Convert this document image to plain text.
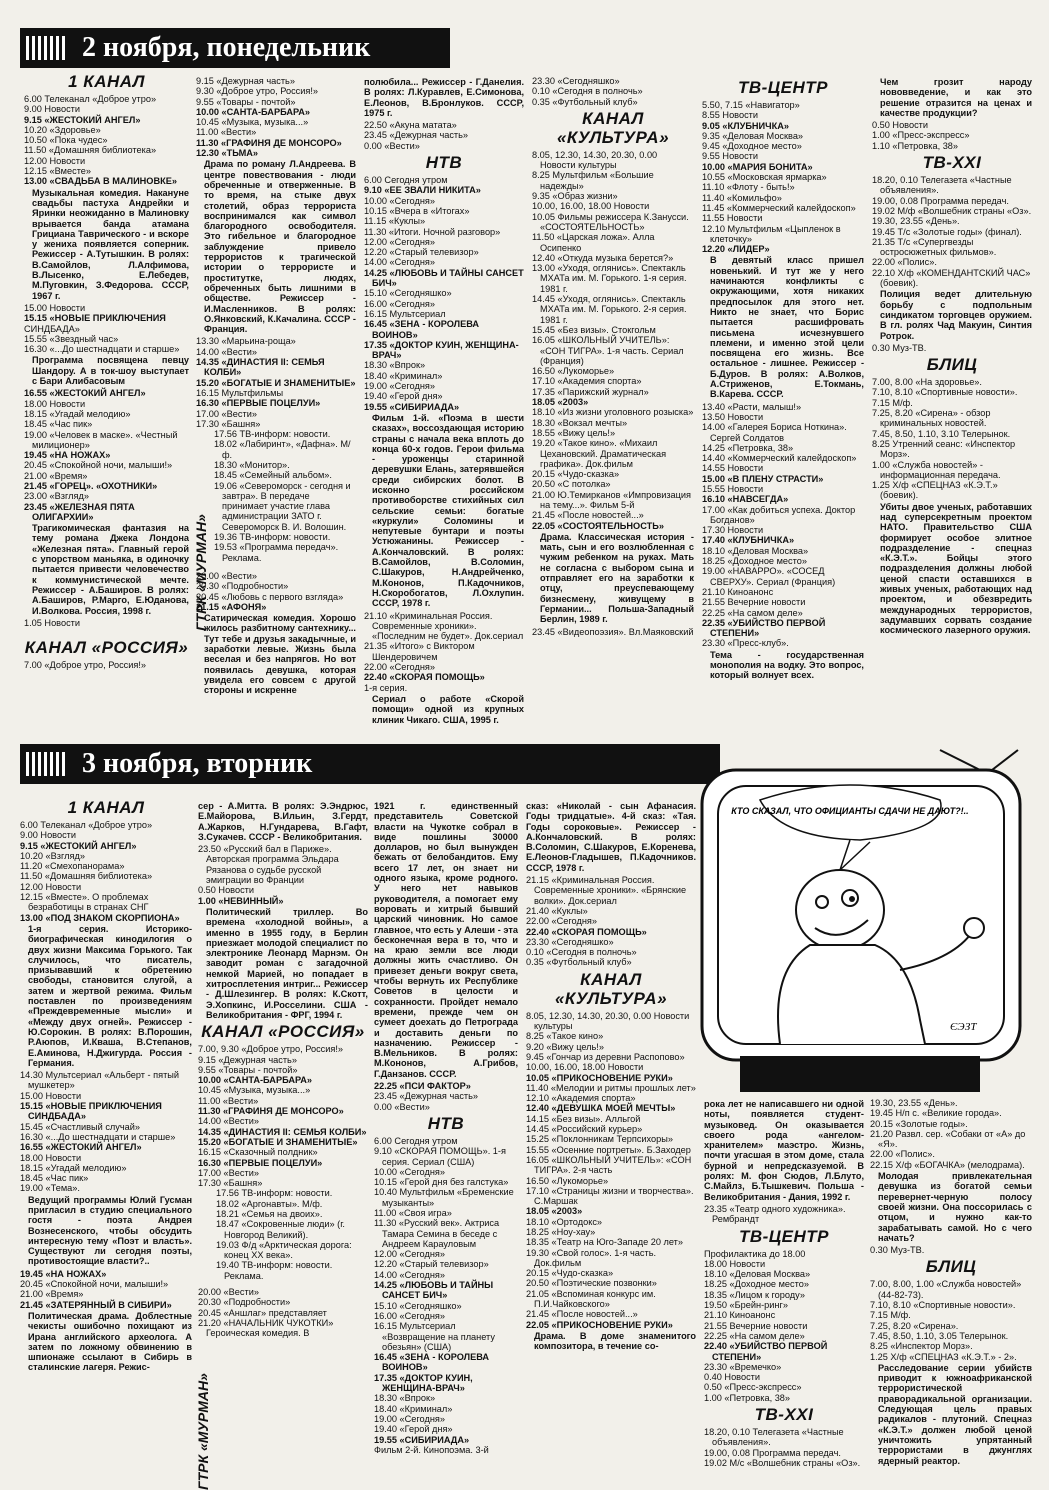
2 ноября, понедельник
1 КАНАЛ
6.00 Телеканал «Доброе утро»
9.00 Новости
9.15 «ЖЕСТОКИЙ АНГЕЛ»
10.20 «Здоровье»
10.50 «Пока чудес»
11.50 «Домашняя библиотека»
12.00 Новости
12.15 «Вместе»
13.00 «СВАДЬБА В МАЛИНОВКЕ»
Музыкальная комедия. Накануне свадьбы пастуха Андрейки и Яринки неожиданно в Малиновку врывается банда атамана Грициана Таврического - и вскоре у жениха появляется соперник. Режиссер - А.Тутышкин. В ролях: В.Самойлов, Л.Алфимова, В.Лысенко, Е.Лебедев, М.Пуговкин, З.Федорова. СССР, 1967 г.
15.00 Новости
15.15 «НОВЫЕ ПРИКЛЮЧЕНИЯ
СИНДБАДА»
15.55 «Звездный час»
16.30 «...До шестнадцати и старше»
Программа посвящена певцу Шандору. А в ток-шоу выступает с Бари Алибасовым
16.55 «ЖЕСТОКИЙ АНГЕЛ»
18.00 Новости
18.15 «Угадай мелодию»
18.45 «Час пик»
19.00 «Человек в маске». «Честный милиционер»
19.45 «НА НОЖАХ»
20.45 «Спокойной ночи, малыши!»
21.00 «Время»
21.45 «ГОРЕЦ». «ОХОТНИКИ»
23.00 «Взгляд»
23.45 «ЖЕЛЕЗНАЯ ПЯТА ОЛИГАРХИИ»
Трагикомическая фантазия на тему романа Джека Лондона «Железная пята». Главный герой с упорством маньяка, в одиночку пытается привести человечество к коммунистической мечте. Режиссер - А.Баширов. В ролях: А.Баширов, Р.Марго, Е.Юданова, И.Волкова. Россия, 1998 г.
1.05 Новости
КАНАЛ «РОССИЯ»
7.00 «Доброе утро, Россия!»
9.15 «Дежурная часть»
9.30 «Доброе утро, Россия!»
9.55 «Товары - почтой»
10.00 «САНТА-БАРБАРА»
10.45 «Музыка, музыка...»
11.00 «Вести»
11.30 «ГРАФИНЯ ДЕ МОНСОРО»
12.30 «ТЬМА»
Драма по роману Л.Андреева. В центре повествования - люди обреченные и отверженные. В то время, на стыке двух столетий, образ террориста воспринимался как символ благородного освободителя. Это гибельное и благородное заблуждение привело террористов к трагической истории о террористе и проститутке, людях, обреченных быть лишними в обществе. Режиссер - И.Масленников. В ролях: О.Янковский, К.Качалина. СССР - Франция.
13.30 «Марьина-роща»
14.00 «Вести»
14.35 «ДИНАСТИЯ II: СЕМЬЯ КОЛБИ»
15.20 «БОГАТЫЕ И ЗНАМЕНИТЫЕ»
16.15 Мультфильмы
16.30 «ПЕРВЫЕ ПОЦЕЛУИ»
17.00 «Вести»
17.30 «Башня»
ГТРК «МУРМАН»
17.56 ТВ-информ: новости.
18.02 «Лабиринт», «Дафна». М/ф.
18.30 «Монитор».
18.45 «Семейный альбом».
19.06 «Североморск - сегодня и завтра». В передаче принимает участие глава администрации ЗАТО г. Североморск В. И. Волошин.
19.36 ТВ-информ: новости.
19.53 «Программа передач». Реклама.
20.00 «Вести»
20.30 «Подробности»
20.45 «Любовь с первого взгляда»
21.15 «АФОНЯ»
Сатирическая комедия. Хорошо жилось разбитному сантехнику... Тут тебе и друзья закадычные, и заработки левые. Жизнь была веселая и без напрягов. Но вот появилась девушка, которая увидела его совсем с другой стороны и искренне
полюбила... Режиссер - Г.Данелия. В ролях: Л.Куравлев, Е.Симонова, Е.Леонов, В.Бронлуков. СССР, 1975 г.
22.50 «Акуна матата»
23.45 «Дежурная часть»
0.00 «Вести»
НТВ
6.00 Сегодня утром
9.10 «ЕЕ ЗВАЛИ НИКИТА»
10.00 «Сегодня»
10.15 «Вчера в «Итогах»
11.15 «Куклы»
11.30 «Итоги. Ночной разговор»
12.00 «Сегодня»
12.20 «Старый телевизор»
14.00 «Сегодня»
14.25 «ЛЮБОВЬ И ТАЙНЫ САНСЕТ БИЧ»
15.10 «Сегодняшко»
16.00 «Сегодня»
16.15 Мультсериал
16.45 «ЗЕНА - КОРОЛЕВА ВОИНОВ»
17.35 «ДОКТОР КУИН, ЖЕНЩИНА-ВРАЧ»
18.30 «Впрок»
18.40 «Криминал»
19.00 «Сегодня»
19.40 «Герой дня»
19.55 «СИБИРИАДА»
Фильм 1-й. «Поэма в шести сказах», воссоздающая историю страны с начала века вплоть до конца 60-х годов. Герои фильма - уроженцы старинной деревушки Елань, затерявшейся среди сибирских болот. В исконно российском противоборстве стихийных сил сельские семьи: богатые «куркули» Соломины и непутевые бунтари и поэты Устюжанины. Режиссер - А.Кончаловский. В ролях: В.Самойлов, В.Соломин, С.Шакуров, Н.Андрейченко, М.Кононов, П.Кадочников, Н.Скоробогатов, Л.Охлупин. СССР, 1978 г.
21.10 «Криминальная Россия. Современные хроники». «Последним не будет». Док.сериал
21.35 «Итого» с Виктором Шендеровичем
22.00 «Сегодня»
22.40 «СКОРАЯ ПОМОЩЬ»
1-я серия.
Сериал о работе «Скорой помощи» одной из крупных клиник Чикаго. США, 1995 г.
23.30 «Сегодняшко»
0.10 «Сегодня в полночь»
0.35 «Футбольный клуб»
КАНАЛ «КУЛЬТУРА»
8.05, 12.30, 14.30, 20.30, 0.00 Новости культуры
8.25 Мультфильм «Большие надежды»
9.35 «Образ жизни»
10.00, 16.00, 18.00 Новости
10.05 Фильмы режиссера К.Занусси. «СОСТОЯТЕЛЬНОСТЬ»
11.50 «Царская ложа». Алла Осипенко
12.40 «Откуда музыка берется?»
13.00 «Уходя, оглянись». Спектакль МХАТа им. М. Горького. 1-я серия. 1981 г.
14.45 «Уходя, оглянись». Спектакль МХАТа им. М. Горького. 2-я серия. 1981 г.
15.45 «Без визы». Стокгольм
16.05 «ШКОЛЬНЫЙ УЧИТЕЛЬ»: «СОН ТИГРА». 1-я часть. Сериал (Франция)
16.50 «Лукоморье»
17.10 «Академия спорта»
17.35 «Парижский журнал»
18.05 «2003»
18.10 «Из жизни уголовного розыска»
18.30 «Вокзал мечты»
18.55 «Вижу цель!»
19.20 «Такое кино». «Михаил Цехановский. Драматическая графика». Док.фильм
20.15 «Чудо-сказка»
20.50 «С потолка»
21.00 Ю.Темирканов «Импровизация на тему...». Фильм 5-й
21.45 «После новостей...»
22.05 «СОСТОЯТЕЛЬНОСТЬ»
Драма. Классическая история - мать, сын и его возлюбленная с чужим ребенком на руках. Мать не согласна с выбором сына и отправляет его на заработки к отцу, преуспевающему бизнесмену, живущему в Германии... Польша-Западный Берлин, 1989 г.
23.45 «Видеопоэзия». Вл.Маяковский
ТВ-ЦЕНТР
5.50, 7.15 «Навигатор»
8.55 Новости
9.05 «КЛУБНИЧКА»
9.35 «Деловая Москва»
9.45 «Доходное место»
9.55 Новости
10.00 «МАРИЯ БОНИТА»
10.55 «Московская ярмарка»
11.10 «Флоту - быть!»
11.40 «Комильфо»
11.45 «Коммерческий калейдоскоп»
11.55 Новости
12.10 Мультфильм «Цыпленок в клеточку»
12.20 «ЛИДЕР»
В девятый класс пришел новенький. И тут же у него начинаются конфликты с окружающими, хотя никаких предпосылок для этого нет. Никто не знает, что Борис пытается расшифровать письмена исчезнувшего племени, и именно этой цели посвящена его жизнь. Все остальное - лишнее. Режиссер - Б.Дуров. В ролях: А.Волков, А.Стриженов, Е.Токмань, В.Карева. СССР.
13.40 «Расти, малыш!»
13.50 Новости
14.00 «Галерея Бориса Ноткина». Сергей Солдатов
14.25 «Петровка, 38»
14.40 «Коммерческий калейдоскоп»
14.55 Новости
15.00 «В ПЛЕНУ СТРАСТИ»
15.55 Новости
16.10 «НАВСЕГДА»
17.00 «Как добиться успеха. Доктор Богданов»
17.30 Новости
17.40 «КЛУБНИЧКА»
18.10 «Деловая Москва»
18.25 «Доходное место»
19.00 «НАВАРРО». «СОСЕД СВЕРХУ». Сериал (Франция)
21.10 Киноанонс
21.55 Вечерние новости
22.25 «На самом деле»
22.35 «УБИЙСТВО ПЕРВОЙ СТЕПЕНИ»
23.30 «Пресс-клуб».
Тема - государственная монополия на водку. Это вопрос, который волнует всех.
Чем грозит народу нововведение, и как это решение отразится на ценах и качестве продукции?
0.50 Новости
1.00 «Пресс-экспресс»
1.10 «Петровка, 38»
ТВ-XXI
18.20, 0.10 Телегазета «Частные объявления».
19.00, 0.08 Программа передач.
19.02 М/ф «Волшебник страны «Оз».
19.30, 23.55 «День».
19.45 Т/с «Золотые годы» (финал).
21.35 Т/с «Супергвезды остросюжетных фильмов».
22.00 «Полис».
22.10 Х/ф «КОМЕНДАНТСКИЙ ЧАС» (боевик).
Полиция ведет длительную борьбу с подпольным синдикатом торговцев оружием. В гл. ролях Чад Макуин, Синтия Ротрок.
0.30 Муз-ТВ.
БЛИЦ
7.00, 8.00 «На здоровье».
7.10, 8.10 «Спортивные новости».
7.15 М/ф.
7.25, 8.20 «Сирена» - обзор криминальных новостей.
7.45, 8.50, 1.10, 3.10 Телерынок.
8.25 Утренний сеанс: «Инспектор Морз».
1.00 «Служба новостей» - информационная передача.
1.25 Х/ф «СПЕЦНАЗ «К.Э.Т.» (боевик).
Убиты двое ученых, работавших над суперсекретным проектом НАТО. Правительство США формирует особое элитное подразделение - спецназ «К.Э.Т.». Бойцы этого подразделения должны любой ценой спасти оставшихся в живых ученых, работающих над проектом, и обезвредить международных террористов, задумавших сорвать создание космического лазерного оружия.
3 ноября, вторник
1 КАНАЛ
6.00 Телеканал «Доброе утро»
9.00 Новости
9.15 «ЖЕСТОКИЙ АНГЕЛ»
10.20 «Взгляд»
11.20 «Смехопанорама»
11.50 «Домашняя библиотека»
12.00 Новости
12.15 «Вместе». О проблемах безработицы в странах СНГ
13.00 «ПОД ЗНАКОМ СКОРПИОНА»
1-я серия. Историко-биографическая кинодилогия о двух жизни Максима Горького. Так случилось, что писатель, призывавший к обретению свободы, становится слугой, а затем и жертвой режима. Фильм поставлен по произведениям «Преждевременные мысли» и «Между двух огней». Режиссер - Ю.Сорокин. В ролях: В.Порошин, Р.Аюпов, И.Кваша, В.Степанов, Е.Аминова, Н.Джигурда. Россия - Германия.
14.30 Мультсериал «Альберт - пятый мушкетер»
15.00 Новости
15.15 «НОВЫЕ ПРИКЛЮЧЕНИЯ СИНДБАДА»
15.45 «Счастливый случай»
16.30 «...До шестнадцати и старше»
16.55 «ЖЕСТОКИЙ АНГЕЛ»
18.00 Новости
18.15 «Угадай мелодию»
18.45 «Час пик»
19.00 «Тема».
Ведущий программы Юлий Гусман пригласил в студию специального гостя - поэта Андрея Вознесенского, чтобы обсудить интересную тему «Поэт и власть». Существуют ли сегодня поэты, противостоящие власти?..
19.45 «НА НОЖАХ»
20.45 «Спокойной ночи, малыши!»
21.00 «Время»
21.45 «ЗАТЕРЯННЫЙ В СИБИРИ»
Политическая драма. Доблестные чекисты ошибочно похищают из Ирана английского археолога. А затем по ложному обвинению в шпионаже ссылают в Сибирь в сталинские лагеря. Режис-
сер - А.Митта. В ролях: Э.Эндрюс, Е.Майорова, В.Ильин, З.Гердт, А.Жарков, Н.Гундарева, В.Гафт, З.Сукачев. СССР - Великобритания.
23.50 «Русский бал в Париже». Авторская программа Эльдара Рязанова о судьбе русской эмиграции во Франции
0.50 Новости
1.00 «НЕВИННЫЙ»
Политический триллер. Во времена «холодной войны», а именно в 1955 году, в Берлин приезжает молодой специалист по электронике Леонард Марнэм. Он заводит роман с загадочной немкой Марией, но попадает в хитросплетения интриг... Режиссер - Д.Шлезингер. В ролях: К.Скотт, Э.Хопкинс, И.Росселини. США - Великобритания - ФРГ, 1994 г.
КАНАЛ «РОССИЯ»
7.00, 9.30 «Доброе утро, Россия!»
9.15 «Дежурная часть»
9.55 «Товары - почтой»
10.00 «САНТА-БАРБАРА»
10.45 «Музыка, музыка...»
11.00 «Вести»
11.30 «ГРАФИНЯ ДЕ МОНСОРО»
14.00 «Вести»
14.35 «ДИНАСТИЯ II: СЕМЬЯ КОЛБИ»
15.20 «БОГАТЫЕ И ЗНАМЕНИТЫЕ»
16.15 «Сказочный полдник»
16.30 «ПЕРВЫЕ ПОЦЕЛУИ»
17.00 «Вести»
17.30 «Башня»
ГТРК «МУРМАН»
17.56 ТВ-информ: новости.
18.02 «Аргонавты». М/ф.
18.21 «Семья на двоих».
18.47 «Сокровенные люди» (г. Новгород Великий).
19.03 Ф/д «Арктическая дорога: конец ХХ века».
19.40 ТВ-информ: новости. Реклама.
20.00 «Вести»
20.30 «Подробности»
20.45 «Аншлаг» представляет
21.20 «НАЧАЛЬНИК ЧУКОТКИ» Героическая комедия. В
1921 г. единственный представитель Советской власти на Чукотке собрал в виде пошлины 30000 долларов, но был вынужден бежать от белобандитов. Ему всего 17 лет, он знает ни одного языка, кроме родного. У него нет навыков руководителя, а помогает ему воровать и хитрый бывший царский чиновник. Но самое главное, что есть у Алеши - эта бесконечная вера в то, что и на краю земли все люди должны жить счастливо. Он привезет деньги вокруг света, чтобы вернуть их Республике Советов в целости и сохранности. Пройдет немало времени, прежде чем он сумеет доехать до Петрограда и доставить деньги по назначению. Режиссер - В.Мельников. В ролях: М.Кононов, А.Грибов, Г.Данзанов. СССР.
22.25 «ПСИ ФАКТОР»
23.45 «Дежурная часть»
0.00 «Вести»
НТВ
6.00 Сегодня утром
9.10 «СКОРАЯ ПОМОЩЬ». 1-я серия. Сериал (США)
10.00 «Сегодня»
10.15 «Герой дня без галстука»
10.40 Мультфильм «Бременские музыканты»
11.00 «Своя игра»
11.30 «Русский век». Актриса Тамара Семина в беседе с Андреем Карауловым
12.00 «Сегодня»
12.20 «Старый телевизор»
14.00 «Сегодня»
14.25 «ЛЮБОВЬ И ТАЙНЫ САНСЕТ БИЧ»
15.10 «Сегодняшко»
16.00 «Сегодня»
16.15 Мультсериал «Возвращение на планету обезьян» (США)
16.45 «ЗЕНА - КОРОЛЕВА ВОИНОВ»
17.35 «ДОКТОР КУИН, ЖЕНЩИНА-ВРАЧ»
18.30 «Впрок»
18.40 «Криминал»
19.00 «Сегодня»
19.40 «Герой дня»
19.55 «СИБИРИАДА»
Фильм 2-й. Кинопоэма. 3-й
сказ: «Николай - сын Афанасия. Годы тридцатые». 4-й сказ: «Тая. Годы сороковые». Режиссер - А.Кончаловский. В ролях: В.Соломин, С.Шакуров, Е.Коренева, Е.Леонов-Гладышев, П.Кадочников. СССР, 1978 г.
21.15 «Криминальная Россия. Современные хроники». «Брянские волки». Док.сериал
21.40 «Куклы»
22.00 «Сегодня»
22.40 «СКОРАЯ ПОМОЩЬ»
23.30 «Сегодняшко»
0.10 «Сегодня в полночь»
0.35 «Футбольный клуб»
КАНАЛ «КУЛЬТУРА»
8.05, 12.30, 14.30, 20.30, 0.00 Новости культуры
8.25 «Такое кино»
9.20 «Вижу цель!»
9.45 «Гончар из деревни Распопово»
10.00, 16.00, 18.00 Новости
10.05 «ПРИКОСНОВЕНИЕ РУКИ»
11.40 «Мелодии и ритмы прошлых лет»
12.10 «Академия спорта»
12.40 «ДЕВУШКА МОЕЙ МЕЧТЫ»
14.15 «Без визы». Алльгой
14.45 «Российский курьер»
15.25 «Поклонникам Терпсихоры»
15.55 «Осенние портреты». Б.Заходер
16.05 «ШКОЛЬНЫЙ УЧИТЕЛЬ»: «СОН ТИГРА». 2-я часть
16.50 «Лукоморье»
17.10 «Страницы жизни и творчества». С.Маршак
18.05 «2003»
18.10 «Ортодокс»
18.25 «Ноу-хау»
18.35 «Театр на Юго-Западе 20 лет»
19.30 «Свой голос». 1-я часть. Док.фильм
20.15 «Чудо-сказка»
20.50 «Поэтические позвонки»
21.05 «Вспоминая конкурс им. П.И.Чайковского»
21.45 «После новостей...»
22.05 «ПРИКОСНОВЕНИЕ РУКИ»
Драма. В доме знаменитого композитора, в течение со-
КТО СКАЗАЛ, ЧТО ОФИЦИАНТЫ СДАЧИ НЕ ДАЮТ?!..
ЄЭЗТ
рока лет не написавшего ни одной ноты, появляется студент-музыковед. Он оказывается своего рода «ангелом-хранителем» маэстро. Жизнь, почти угасшая в этом доме, стала бурной и непредсказуемой. В ролях: М. фон Сюдов, Л.Блуто, С.Майлз, Б.Тышкевич. Польша - Великобритания - Дания, 1992 г.
23.35 «Театр одного художника». Рембрандт
ТВ-ЦЕНТР
Профилактика до 18.00
18.00 Новости
18.10 «Деловая Москва»
18.25 «Доходное место»
18.35 «Лицом к городу»
19.50 «Брейн-ринг»
21.10 Киноанонс
21.55 Вечерние новости
22.25 «На самом деле»
22.40 «УБИЙСТВО ПЕРВОЙ СТЕПЕНИ»
23.30 «Времечко»
0.40 Новости
0.50 «Пресс-экспресс»
1.00 «Петровка, 38»
ТВ-XXI
18.20, 0.10 Телегазета «Частные объявления».
19.00, 0.08 Программа передач.
19.02 М/с «Волшебник страны «Оз».
19.30, 23.55 «День».
19.45 Н/п с. «Великие города».
20.15 «Золотые годы».
21.20 Развл. сер. «Собаки от «А» до «Я».
22.00 «Полис».
22.15 Х/ф «БОГАЧКА» (мелодрама).
Молодая привлекательная девушка из богатой семьи перевернет-черную полосу своей жизни. Она поссорилась с отцом, и нужно как-то зарабатывать самой. Но с чего начать?
0.30 Муз-ТВ.
БЛИЦ
7.00, 8.00, 1.00 «Служба новостей» (44-82-73).
7.10, 8.10 «Спортивные новости».
7.15 М/ф.
7.25, 8.20 «Сирена».
7.45, 8.50, 1.10, 3.05 Телерынок.
8.25 «Инспектор Морз».
1.25 Х/ф «СПЕЦНАЗ «К.Э.Т.» - 2».
Расследование серии убийств приводит к южноафриканской террористической праворадикальной организации. Следующая цель правых радикалов - плутоний. Спецназ «К.Э.Т.» должен любой ценой уничтожить упрятанный террористами в джунглях ядерный реактор.
